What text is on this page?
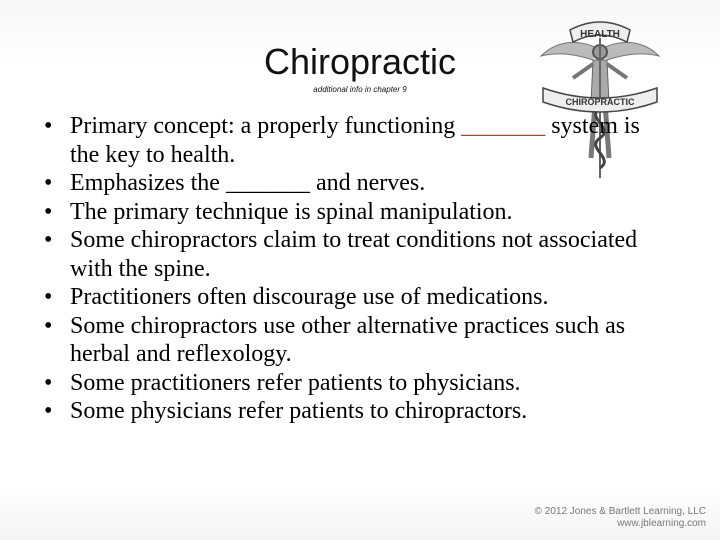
Chiropractic
additional info in chapter 9
HEALTH
CHIROPRACTIC
• Primary concept: a properly functioning _______ system is the key to health.
• Emphasizes the _______ and nerves.
• The primary technique is spinal manipulation.
• Some chiropractors claim to treat conditions not associated with the spine.
• Practitioners often discourage use of medications.
• Some chiropractors use other alternative practices such as herbal and reflexology.
• Some practitioners refer patients to physicians.
• Some physicians refer patients to chiropractors.
© 2012 Jones & Bartlett Learning, LLC
www.jblearning.com
